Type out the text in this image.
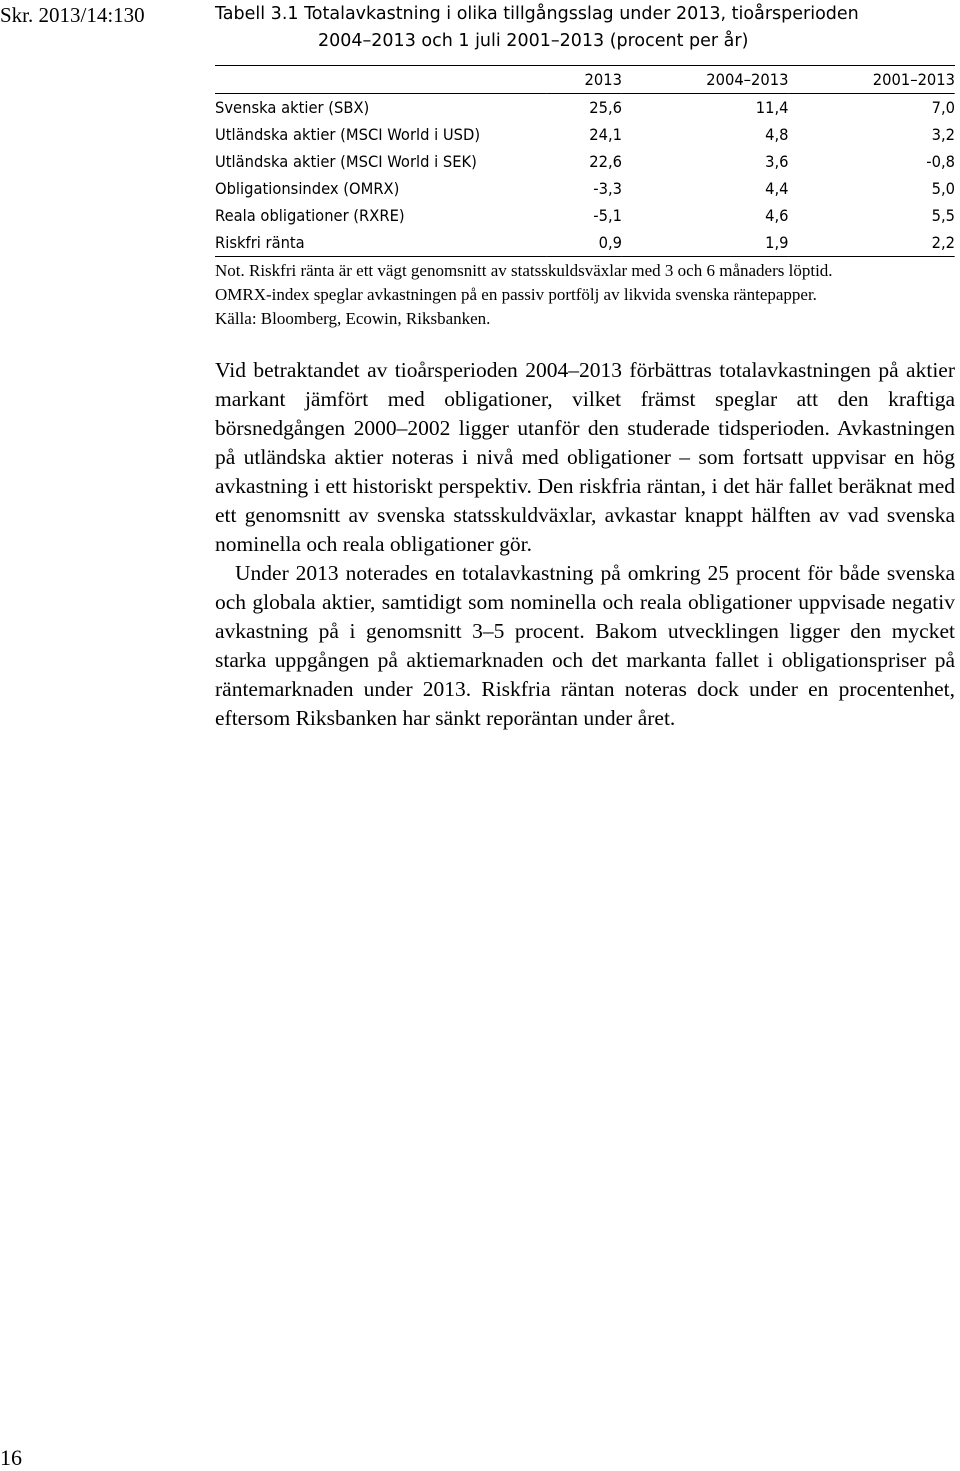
Skr. 2013/14:130	Tabell 3.1 Totalavkastning i olika tillgångsslag under 2013, tioårsperioden
2004–2013 och 1 juli 2001–2013 (procent per år)
	2013	2004–2013	2001–2013
Svenska aktier (SBX)	25,6	11,4	7,0
Utländska aktier (MSCI World i USD)	24,1	4,8	3,2
Utländska aktier (MSCI World i SEK)	22,6	3,6	-0,8
Obligationsindex (OMRX)	-3,3	4,4	5,0
Reala obligationer (RXRE)	-5,1	4,6	5,5
Riskfri ränta	0,9	1,9	2,2
Not. Riskfri ränta är ett vägt genomsnitt av statsskuldsväxlar med 3 och 6 månaders löptid.
OMRX-index speglar avkastningen på en passiv portfölj av likvida svenska räntepapper.
Källa: Bloomberg, Ecowin, Riksbanken.

Vid betraktandet av tioårsperioden 2004–2013 förbättras totalavkastningen på aktier markant jämfört med obligationer, vilket främst speglar att den kraftiga börsnedgången 2000–2002 ligger utanför den studerade tidsperioden. Avkastningen på utländska aktier noteras i nivå med obligationer – som fortsatt uppvisar en hög avkastning i ett historiskt perspektiv. Den riskfria räntan, i det här fallet beräknat med ett genomsnitt av svenska statsskuldväxlar, avkastar knappt hälften av vad svenska nominella och reala obligationer gör.

Under 2013 noterades en totalavkastning på omkring 25 procent för både svenska och globala aktier, samtidigt som nominella och reala obligationer uppvisade negativ avkastning på i genomsnitt 3–5 procent. Bakom utvecklingen ligger den mycket starka uppgången på aktiemarknaden och det markanta fallet i obligationspriser på räntemarknaden under 2013. Riskfria räntan noteras dock under en procentenhet, eftersom Riksbanken har sänkt reporäntan under året.

16
